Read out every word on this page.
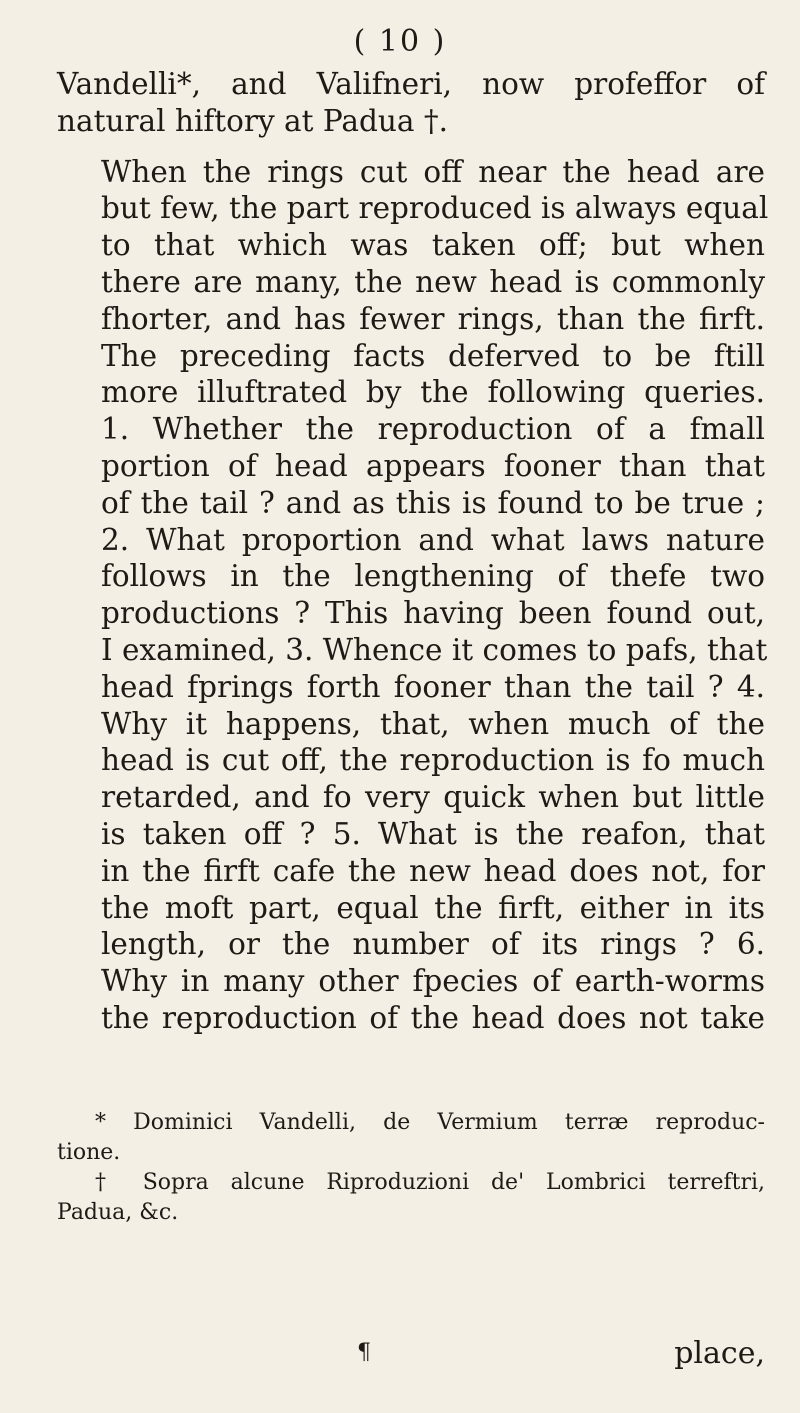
( 10 )

Vandelli*, and Valifneri, now profeffor of
natural hiftory at Padua †.

When the rings cut off near the head are
but few, the part reproduced is always equal
to that which was taken off; but when
there are many, the new head is commonly
fhorter, and has fewer rings, than the firft.
The preceding facts deferved to be ftill
more illuftrated by the following queries.
1. Whether the reproduction of a fmall
portion of head appears fooner than that
of the tail ? and as this is found to be true ;
2. What proportion and what laws nature
follows in the lengthening of thefe two
productions ? This having been found out,
I examined, 3. Whence it comes to pafs, that
head fprings forth fooner than the tail ? 4.
Why it happens, that, when much of the
head is cut off, the reproduction is fo much
retarded, and fo very quick when but little
is taken off ? 5. What is the reafon, that
in the firft cafe the new head does not, for
the moft part, equal the firft, either in its
length, or the number of its rings ? 6.
Why in many other fpecies of earth-worms
the reproduction of the head does not take

* Dominici Vandelli, de Vermium terræ reproduc-
tione.

† Sopra alcune Riproduzioni de' Lombrici terreftri,
Padua, &c.

¶	place,
